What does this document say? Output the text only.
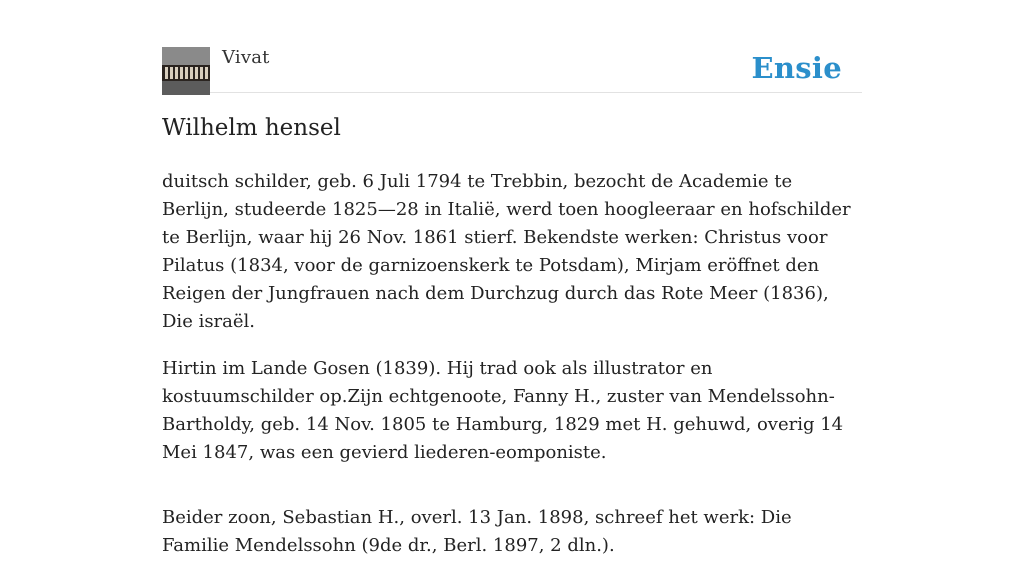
Vivat	Ensie
Wilhelm hensel

duitsch schilder, geb. 6 Juli 1794 te Trebbin, bezocht de Academie te Berlijn, studeerde 1825—28 in Italië, werd toen hoogleeraar en hofschilder te Berlijn, waar hij 26 Nov. 1861 stierf. Bekendste werken: Christus voor Pilatus (1834, voor de garnizoenskerk te Potsdam), Mirjam eröffnet den Reigen der Jungfrauen nach dem Durchzug durch das Rote Meer (1836), Die israël.

Hirtin im Lande Gosen (1839). Hij trad ook als illustrator en kostuumschilder op.Zijn echtgenoote, Fanny H., zuster van Mendelssohn-Bartholdy, geb. 14 Nov. 1805 te Hamburg, 1829 met H. gehuwd, overig 14 Mei 1847, was een gevierd liederen-eomponiste.

Beider zoon, Sebastian H., overl. 13 Jan. 1898, schreef het werk: Die Familie Mendelssohn (9de dr., Berl. 1897, 2 dln.).
